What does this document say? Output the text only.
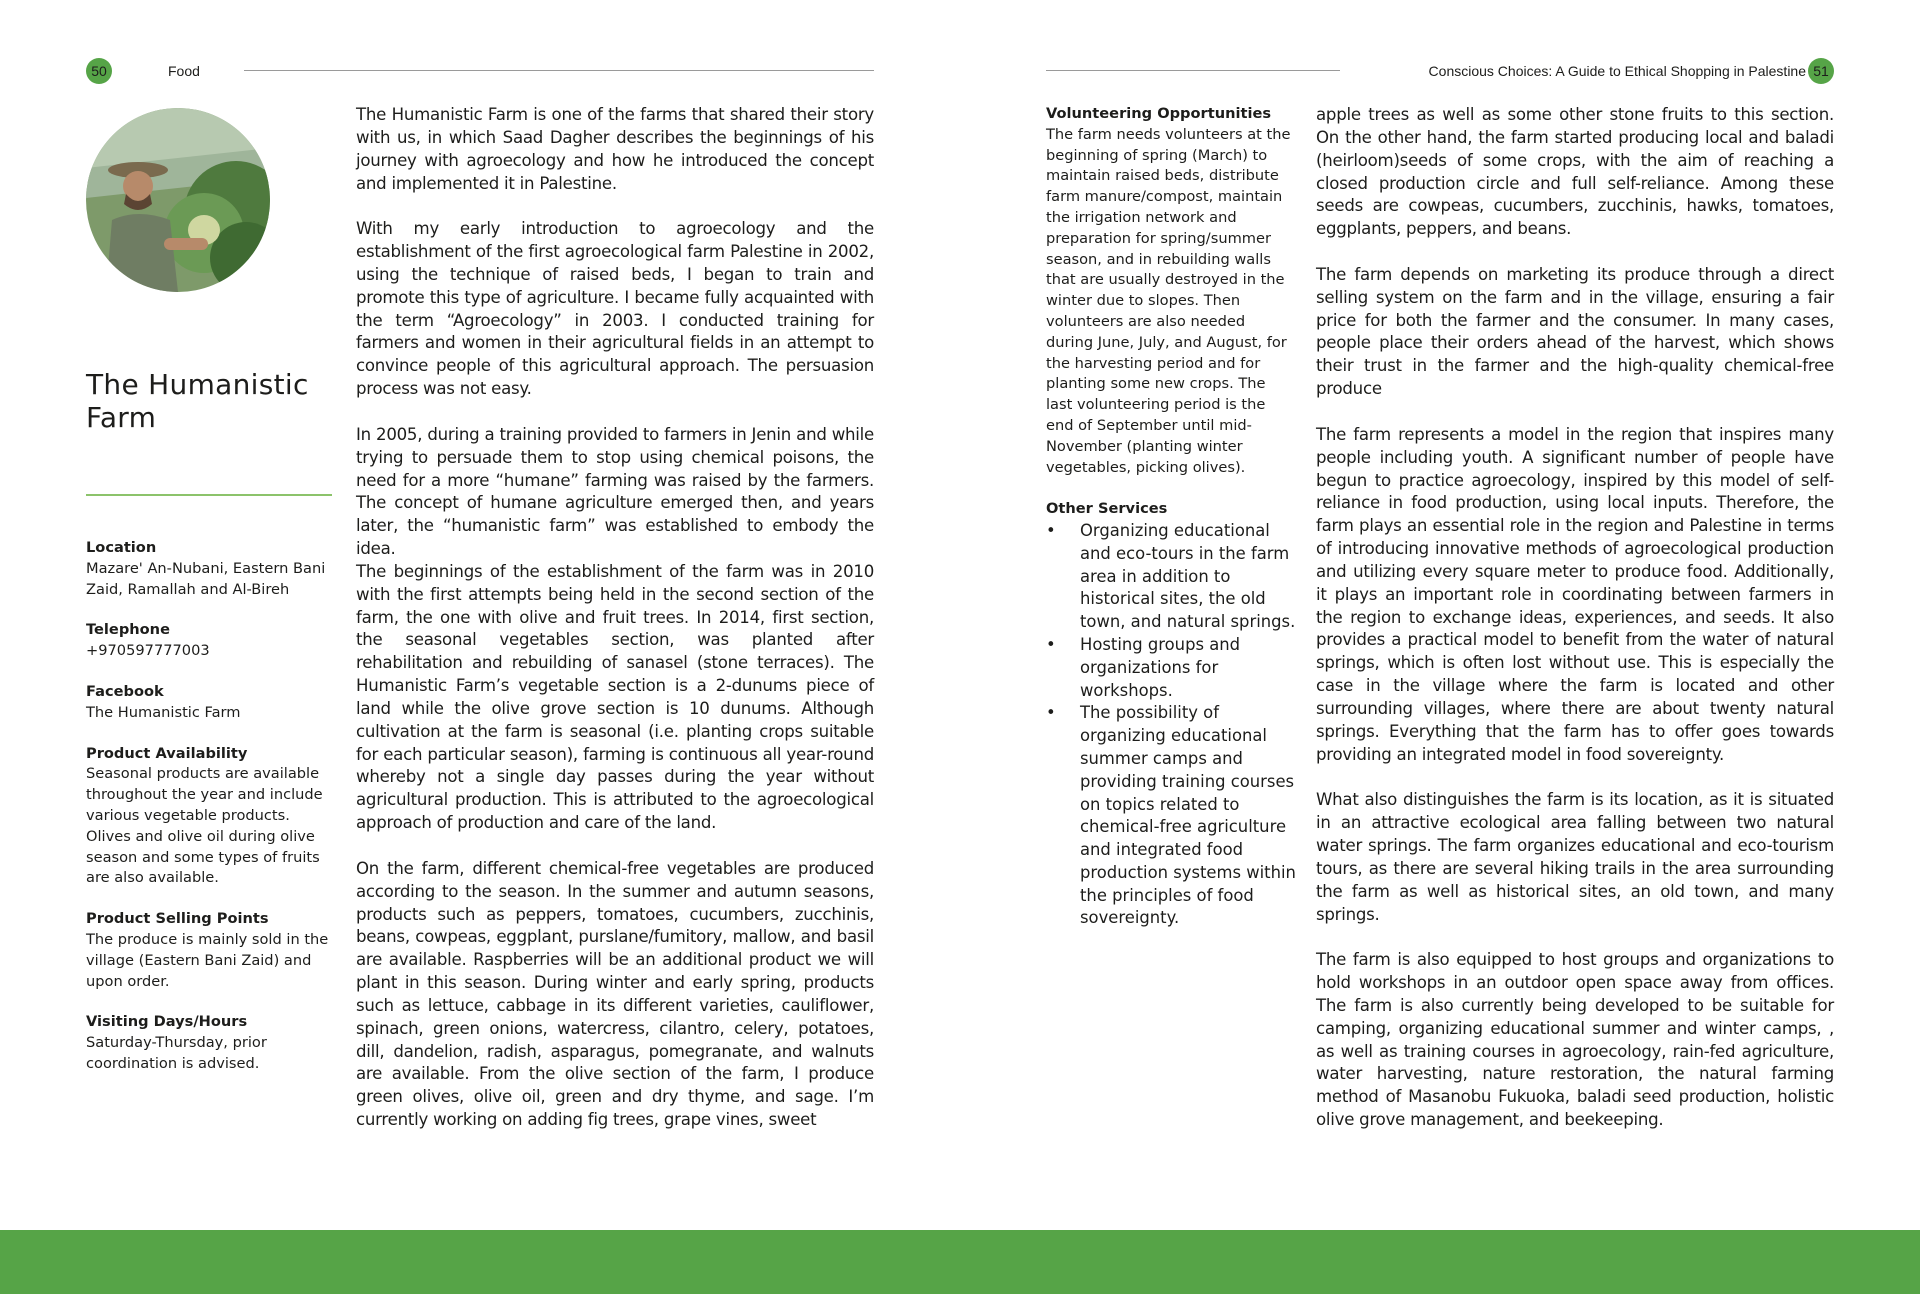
50	Food
The Humanistic Farm
Location
Mazare' An-Nubani, Eastern Bani Zaid, Ramallah and Al-Bireh
Telephone
+970597777003
Facebook
The Humanistic Farm
Product Availability
Seasonal products are available throughout the year and include various vegetable products. Olives and olive oil during olive season and some types of fruits are also available.
Product Selling Points
The produce is mainly sold in the village (Eastern Bani Zaid) and upon order.
Visiting Days/Hours
Saturday-Thursday, prior coordination is advised.

The Humanistic Farm is one of the farms that shared their story with us, in which Saad Dagher describes the beginnings of his journey with agroecology and how he introduced the concept and implemented it in Palestine.

With my early introduction to agroecology and the establishment of the first agroecological farm Palestine in 2002, using the technique of raised beds, I began to train and promote this type of agriculture. I became fully acquainted with the term “Agroecology” in 2003. I conducted training for farmers and women in their agricultural fields in an attempt to convince people of this agricultural approach. The persuasion process was not easy.

In 2005, during a training provided to farmers in Jenin and while trying to persuade them to stop using chemical poisons, the need for a more “humane” farming was raised by the farmers. The concept of humane agriculture emerged then, and years later, the “humanistic farm” was established to embody the idea.

The beginnings of the establishment of the farm was in 2010 with the first attempts being held in the second section of the farm, the one with olive and fruit trees. In 2014, first section, the seasonal vegetables section, was planted after rehabilitation and rebuilding of sanasel (stone terraces). The Humanistic Farm’s vegetable section is a 2-dunums piece of land while the olive grove section is 10 dunums. Although cultivation at the farm is seasonal (i.e. planting crops suitable for each particular season), farming is continuous all year-round whereby not a single day passes during the year without agricultural production. This is attributed to the agroecological approach of production and care of the land.

On the farm, different chemical-free vegetables are produced according to the season. In the summer and autumn seasons, products such as peppers, tomatoes, cucumbers, zucchinis, beans, cowpeas, eggplant, purslane/fumitory, mallow, and basil are available. Raspberries will be an additional product we will plant in this season. During winter and early spring, products such as lettuce, cabbage in its different varieties, cauliflower, spinach, green onions, watercress, cilantro, celery, potatoes, dill, dandelion, radish, asparagus, pomegranate, and walnuts are available. From the olive section of the farm, I produce green olives, olive oil, green and dry thyme, and sage. I’m currently working on adding fig trees, grape vines, sweet

Conscious Choices: A Guide to Ethical Shopping in Palestine 51
Volunteering Opportunities

The farm needs volunteers at the beginning of spring (March) to maintain raised beds, distribute farm manure/compost, maintain the irrigation network and preparation for spring/summer season, and in rebuilding walls that are usually destroyed in the winter due to slopes. Then volunteers are also needed during June, July, and August, for the harvesting period and for planting some new crops. The last volunteering period is the end of September until mid-November (planting winter vegetables, picking olives).

Other Services
• Organizing educational and eco-tours in the farm area in addition to historical sites, the old town, and natural springs.
• Hosting groups and organizations for workshops.
• The possibility of organizing educational summer camps and providing training courses on topics related to chemical-free agriculture and integrated food production systems within the principles of food sovereignty.

apple trees as well as some other stone fruits to this section. On the other hand, the farm started producing local and baladi (heirloom)seeds of some crops, with the aim of reaching a closed production circle and full self-reliance. Among these seeds are cowpeas, cucumbers, zucchinis, hawks, tomatoes, eggplants, peppers, and beans.

The farm depends on marketing its produce through a direct selling system on the farm and in the village, ensuring a fair price for both the farmer and the consumer. In many cases, people place their orders ahead of the harvest, which shows their trust in the farmer and the high-quality chemical-free produce

The farm represents a model in the region that inspires many people including youth. A significant number of people have begun to practice agroecology, inspired by this model of self-reliance in food production, using local inputs. Therefore, the farm plays an essential role in the region and Palestine in terms of introducing innovative methods of agroecological production and utilizing every square meter to produce food. Additionally, it plays an important role in coordinating between farmers in the region to exchange ideas, experiences, and seeds. It also provides a practical model to benefit from the water of natural springs, which is often lost without use. This is especially the case in the village where the farm is located and other surrounding villages, where there are about twenty natural springs. Everything that the farm has to offer goes towards providing an integrated model in food sovereignty.

What also distinguishes the farm is its location, as it is situated in an attractive ecological area falling between two natural water springs. The farm organizes educational and eco-tourism tours, as there are several hiking trails in the area surrounding the farm as well as historical sites, an old town, and many springs.

The farm is also equipped to host groups and organizations to hold workshops in an outdoor open space away from offices. The farm is also currently being developed to be suitable for camping, organizing educational summer and winter camps, , as well as training courses in agroecology, rain-fed agriculture, water harvesting, nature restoration, the natural farming method of Masanobu Fukuoka, baladi seed production, holistic olive grove management, and beekeeping.
